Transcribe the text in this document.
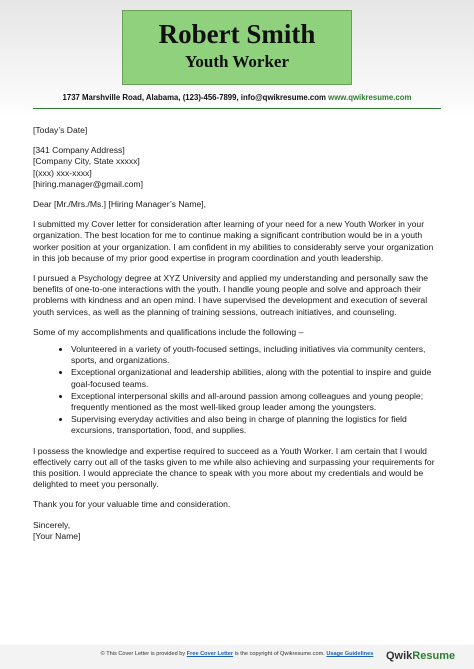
Robert Smith
Youth Worker
1737 Marshville Road, Alabama, (123)-456-7899, info@qwikresume.com www.qwikresume.com

[Today’s Date]

[341 Company Address]
[Company City, State xxxxx]
[(xxx) xxx-xxxx]
[hiring.manager@gmail.com]

Dear [Mr./Mrs./Ms.] [Hiring Manager’s Name],

I submitted my Cover letter for consideration after learning of your need for a new Youth Worker in your organization. The best location for me to continue making a significant contribution would be in a youth worker position at your organization. I am confident in my abilities to considerably serve your organization in this job because of my prior good expertise in program coordination and youth leadership.

I pursued a Psychology degree at XYZ University and applied my understanding and personally saw the benefits of one-to-one interactions with the youth. I handle young people and solve and approach their problems with kindness and an open mind. I have supervised the development and execution of several youth services, as well as the planning of training sessions, outreach initiatives, and counseling.

Some of my accomplishments and qualifications include the following –

• Volunteered in a variety of youth-focused settings, including initiatives via community centers, sports, and organizations.
• Exceptional organizational and leadership abilities, along with the potential to inspire and guide goal-focused teams.
• Exceptional interpersonal skills and all-around passion among colleagues and young people; frequently mentioned as the most well-liked group leader among the youngsters.
• Supervising everyday activities and also being in charge of planning the logistics for field excursions, transportation, food, and supplies.

I possess the knowledge and expertise required to succeed as a Youth Worker. I am certain that I would effectively carry out all of the tasks given to me while also achieving and surpassing your requirements for this position. I would appreciate the chance to speak with you more about my credentials and would be delighted to meet you personally.

Thank you for your valuable time and consideration.

Sincerely,
[Your Name]

© This Cover Letter is provided by Free Cover Letter is the copyright of Qwikresume.com. Usage Guidelines	QwikResume
